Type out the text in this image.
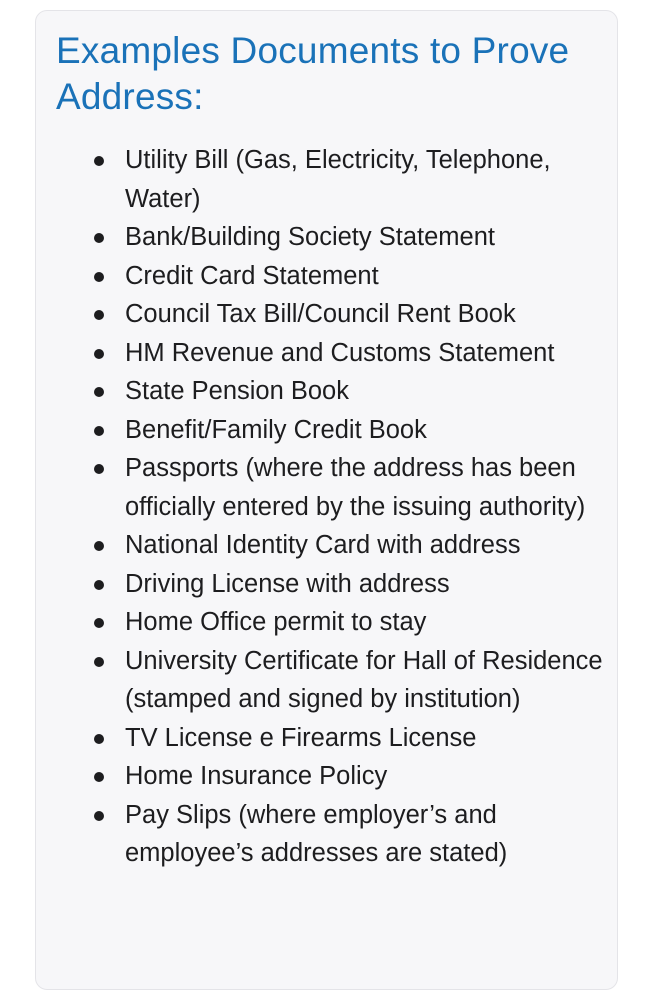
Examples Documents to Prove Address:
Utility Bill (Gas, Electricity, Telephone, Water)
Bank/Building Society Statement
Credit Card Statement
Council Tax Bill/Council Rent Book
HM Revenue and Customs Statement
State Pension Book
Benefit/Family Credit Book
Passports (where the address has been officially entered by the issuing authority)
National Identity Card with address
Driving License with address
Home Office permit to stay
University Certificate for Hall of Residence (stamped and signed by institution)
TV License e Firearms License
Home Insurance Policy
Pay Slips (where employer’s and employee’s addresses are stated)
